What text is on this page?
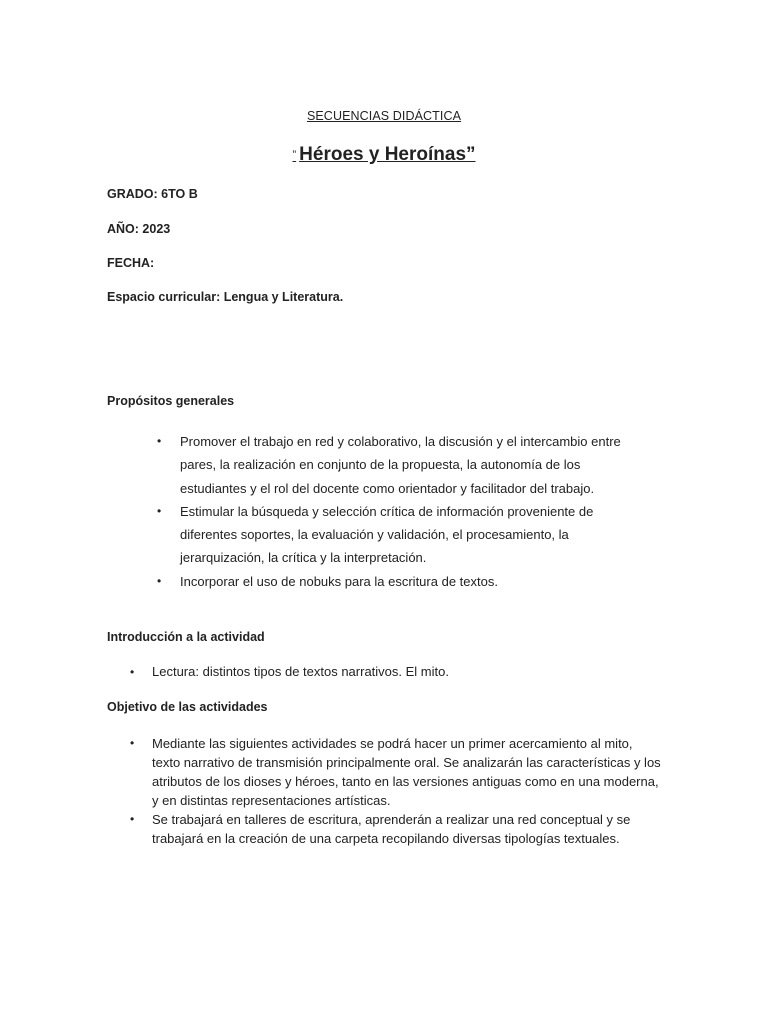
SECUENCIAS DIDÁCTICA

” Héroes y Heroínas”

GRADO: 6TO B

AÑO: 2023

FECHA:

Espacio curricular: Lengua y Literatura.

Propósitos generales

• Promover el trabajo en red y colaborativo, la discusión y el intercambio entre pares, la realización en conjunto de la propuesta, la autonomía de los estudiantes y el rol del docente como orientador y facilitador del trabajo.
• Estimular la búsqueda y selección crítica de información proveniente de diferentes soportes, la evaluación y validación, el procesamiento, la jerarquización, la crítica y la interpretación.
• Incorporar el uso de nobuks para la escritura de textos.

Introducción a la actividad

• Lectura: distintos tipos de textos narrativos. El mito.

Objetivo de las actividades

• Mediante las siguientes actividades se podrá hacer un primer acercamiento al mito, texto narrativo de transmisión principalmente oral. Se analizarán las características y los atributos de los dioses y héroes, tanto en las versiones antiguas como en una moderna, y en distintas representaciones artísticas.
• Se trabajará en talleres de escritura, aprenderán a realizar una red conceptual y se trabajará en la creación de una carpeta recopilando diversas tipologías textuales.
